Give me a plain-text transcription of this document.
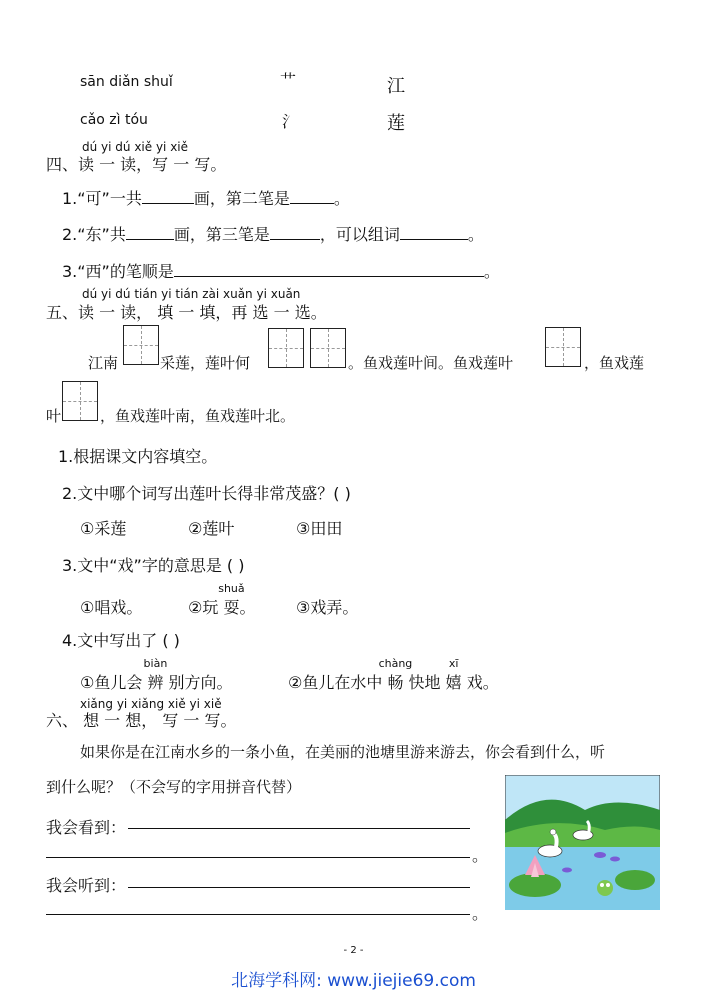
sān diǎn shuǐ	艹	江
cǎo zì tóu	氵	莲
dú yi dú xiě yi xiě
四、读 一 读，写 一 写。
1.“可”一共	画，第二笔是	。
2.“东”共	画，第三笔是	，可以组词	。
3.“西”的笔顺是	。
dú yi dú tián yi tián zài xuǎn yi xuǎn
五、读 一 读， 填 一 填，再 选 一 选。
江南	采莲，莲叶何	。鱼戏莲叶间。鱼戏莲叶	，鱼戏莲
叶	，鱼戏莲叶南，鱼戏莲叶北。
1.根据课文内容填空。
2.文中哪个词写出莲叶长得非常茂盛？( )
①采莲	②莲叶	③田田
3.文中“戏”字的意思是 ( )
①唱戏。	②玩
shuǎ
耍。	③戏弄。
4.文中写出了 ( )
①鱼儿会
biàn
辨 别方向。	②鱼儿在水中
chàng
畅 快地
xī
嬉 戏。
xiǎng yi xiǎng xiě yi xiě
六、 想 一 想， 写 一 写。
如果你是在江南水乡的一条小鱼，在美丽的池塘里游来游去，你会看到什么，听
到什么呢？（不会写的字用拼音代替）
我会看到：
。
我会听到：
。
- 2 -
北海学科网: www.jiejie69.com
